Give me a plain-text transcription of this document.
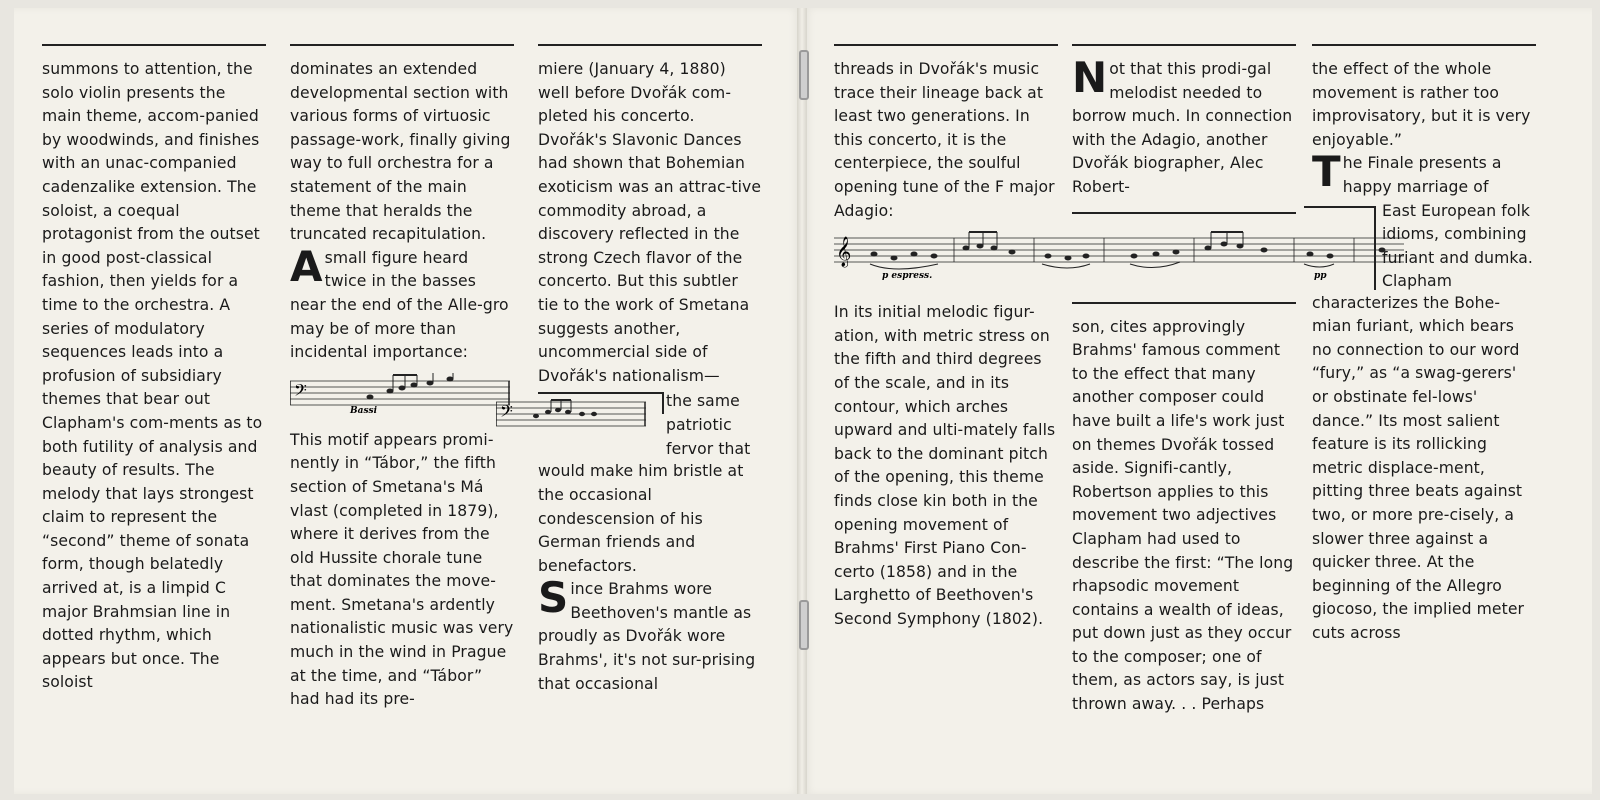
summons to attention, the solo violin presents the main theme, accom-panied by woodwinds, and finishes with an unac-companied cadenzalike extension. The soloist, a coequal protagonist from the outset in good post-classical fashion, then yields for a time to the orchestra. A series of modulatory sequences leads into a profusion of subsidiary themes that bear out Clapham's com-ments as to both futility of analysis and beauty of results. The melody that lays strongest claim to represent the “second” theme of sonata form, though belatedly arrived at, is a limpid C major Brahmsian line in dotted rhythm, which appears but once. The soloist

dominates an extended developmental section with various forms of virtuosic passage-work, finally giving way to full orchestra for a statement of the main theme that heralds the truncated recapitulation.

A small figure heard twice in the basses near the end of the Alle-gro may be of more than incidental importance:

𝄢
Bassi

This motif appears promi-nently in “Tábor,” the fifth section of Smetana's Má vlast (completed in 1879), where it derives from the old Hussite chorale tune that dominates the move-ment. Smetana's ardently nationalistic music was very much in the wind in Prague at the time, and “Tábor” had had its pre-

miere (January 4, 1880) well before Dvořák com-pleted his concerto. Dvořák's Slavonic Dances had shown that Bohemian exoticism was an attrac-tive commodity abroad, a discovery reflected in the strong Czech flavor of the concerto. But this subtler tie to the work of Smetana suggests another, uncommercial side of Dvořák's nationalism—

𝄢	the same patriotic fervor that

would make him bristle at the occasional condescension of his German friends and benefactors.

Since Brahms wore Beethoven's mantle as proudly as Dvořák wore Brahms', it's not sur-prising that occasional

threads in Dvořák's music trace their lineage back at least two generations. In this concerto, it is the centerpiece, the soulful opening tune of the F major Adagio:

In its initial melodic figur-ation, with metric stress on the fifth and third degrees of the scale, and in its contour, which arches upward and ulti-mately falls back to the dominant pitch of the opening, this theme finds close kin both in the opening movement of Brahms' First Piano Con-certo (1858) and in the Larghetto of Beethoven's Second Symphony (1802).

𝄞
p espress.	pp

Not that this prodi-gal melodist needed to borrow much. In connection with the Adagio, another Dvořák biographer, Alec Robert-

son, cites approvingly Brahms' famous comment to the effect that many another composer could have built a life's work just on themes Dvořák tossed aside. Signifi-cantly, Robertson applies to this movement two adjectives Clapham had used to describe the first: “The long rhapsodic movement contains a wealth of ideas, put down just as they occur to the composer; one of them, as actors say, is just thrown away. . . Perhaps

the effect of the whole movement is rather too improvisatory, but it is very enjoyable.”

The Finale presents a happy marriage of

East European folk idioms, combining furiant and dumka. Clapham

characterizes the Bohe-mian furiant, which bears no connection to our word “fury,” as “a swag-gerers' or obstinate fel-lows' dance.” Its most salient feature is its rollicking metric displace-ment, pitting three beats against two, or more pre-cisely, a slower three against a quicker three. At the beginning of the Allegro giocoso, the implied meter cuts across
